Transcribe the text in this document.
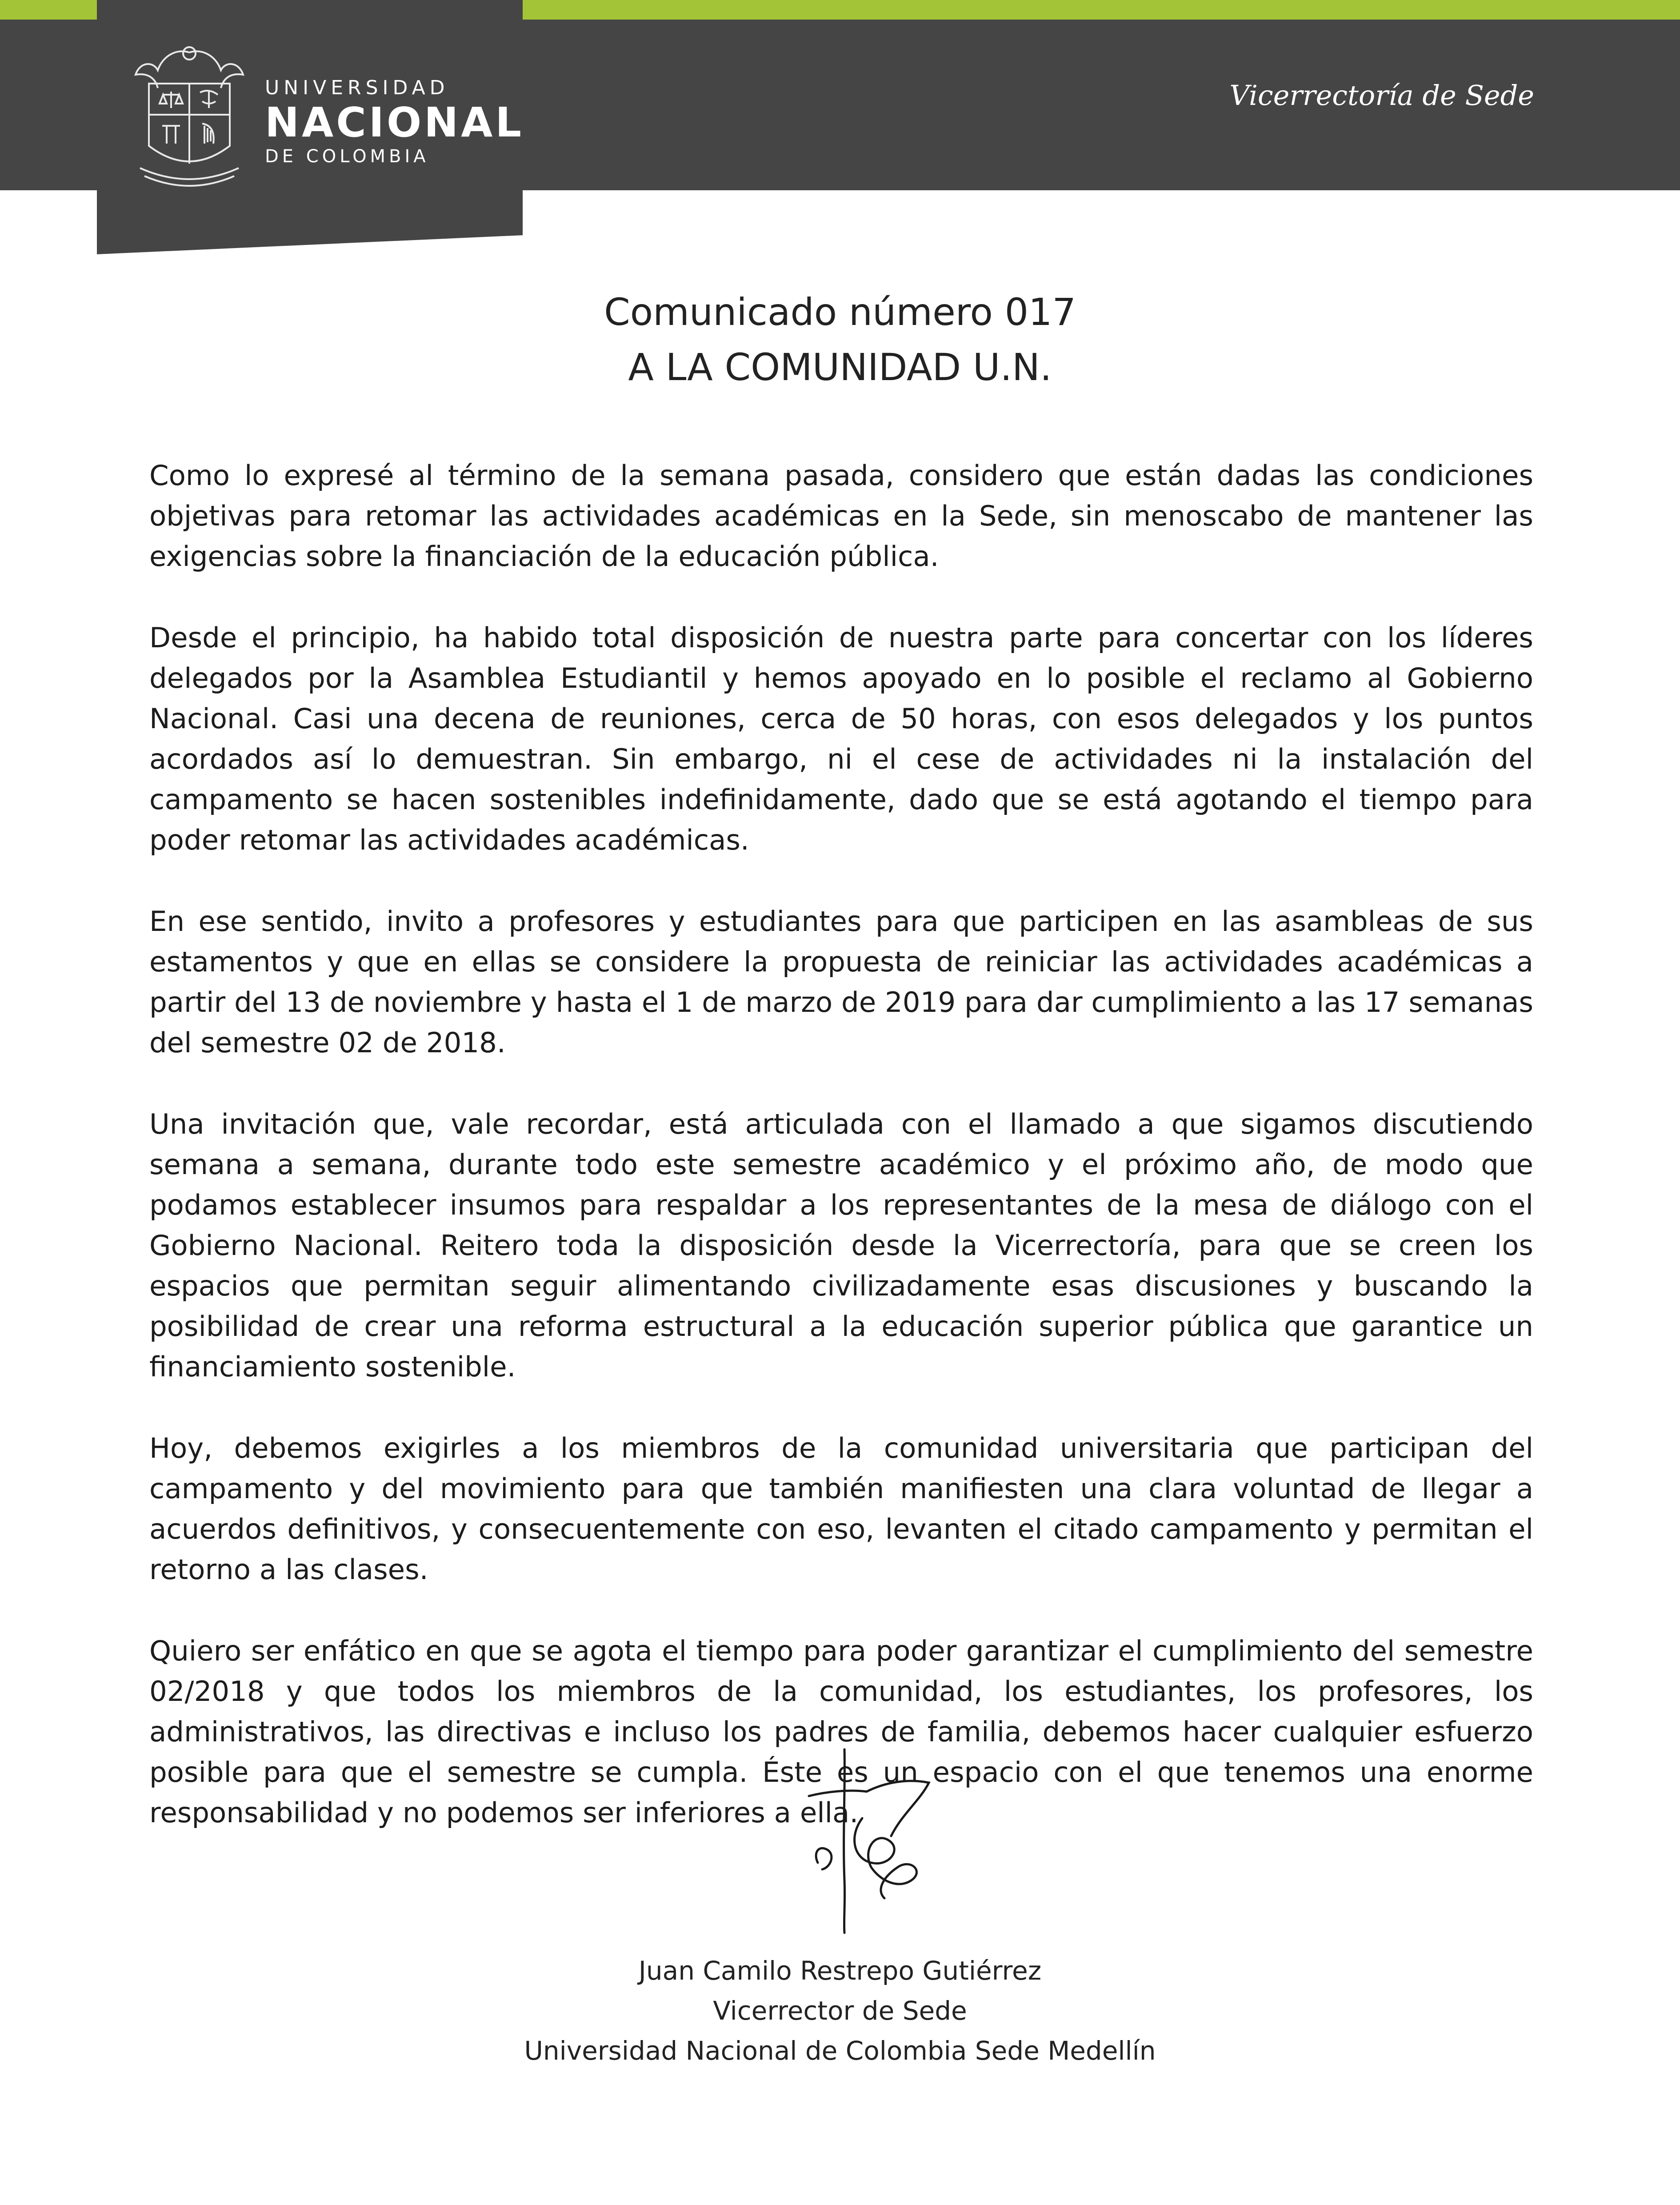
UNIVERSIDAD
NACIONAL
DE COLOMBIA
Vicerrectoría de Sede
Comunicado número 017
A LA COMUNIDAD U.N.

Como lo expresé al término de la semana pasada, considero que están dadas las condiciones objetivas para retomar las actividades académicas en la Sede, sin menoscabo de mantener las exigencias sobre la financiación de la educación pública.

Desde el principio, ha habido total disposición de nuestra parte para concertar con los líderes delegados por la Asamblea Estudiantil y hemos apoyado en lo posible el reclamo al Gobierno Nacional. Casi una decena de reuniones, cerca de 50 horas, con esos delegados y los puntos acordados así lo demuestran. Sin embargo, ni el cese de actividades ni la instalación del campamento se hacen sostenibles indefinidamente, dado que se está agotando el tiempo para poder retomar las actividades académicas.

En ese sentido, invito a profesores y estudiantes para que participen en las asambleas de sus estamentos y que en ellas se considere la propuesta de reiniciar las actividades académicas a partir del 13 de noviembre y hasta el 1 de marzo de 2019 para dar cumplimiento a las 17 semanas del semestre 02 de 2018.

Una invitación que, vale recordar, está articulada con el llamado a que sigamos discutiendo semana a semana, durante todo este semestre académico y el próximo año, de modo que podamos establecer insumos para respaldar a los representantes de la mesa de diálogo con el Gobierno Nacional. Reitero toda la disposición desde la Vicerrectoría, para que se creen los espacios que permitan seguir alimentando civilizadamente esas discusiones y buscando la posibilidad de crear una reforma estructural a la educación superior pública que garantice un financiamiento sostenible.

Hoy, debemos exigirles a los miembros de la comunidad universitaria que participan del campamento y del movimiento para que también manifiesten una clara voluntad de llegar a acuerdos definitivos, y consecuentemente con eso, levanten el citado campamento y permitan el retorno a las clases.

Quiero ser enfático en que se agota el tiempo para poder garantizar el cumplimiento del semestre 02/2018 y que todos los miembros de la comunidad, los estudiantes, los profesores, los administrativos, las directivas e incluso los padres de familia, debemos hacer cualquier esfuerzo posible para que el semestre se cumpla. Éste es un espacio con el que tenemos una enorme responsabilidad y no podemos ser inferiores a ella.

Juan Camilo Restrepo Gutiérrez
Vicerrector de Sede
Universidad Nacional de Colombia Sede Medellín
